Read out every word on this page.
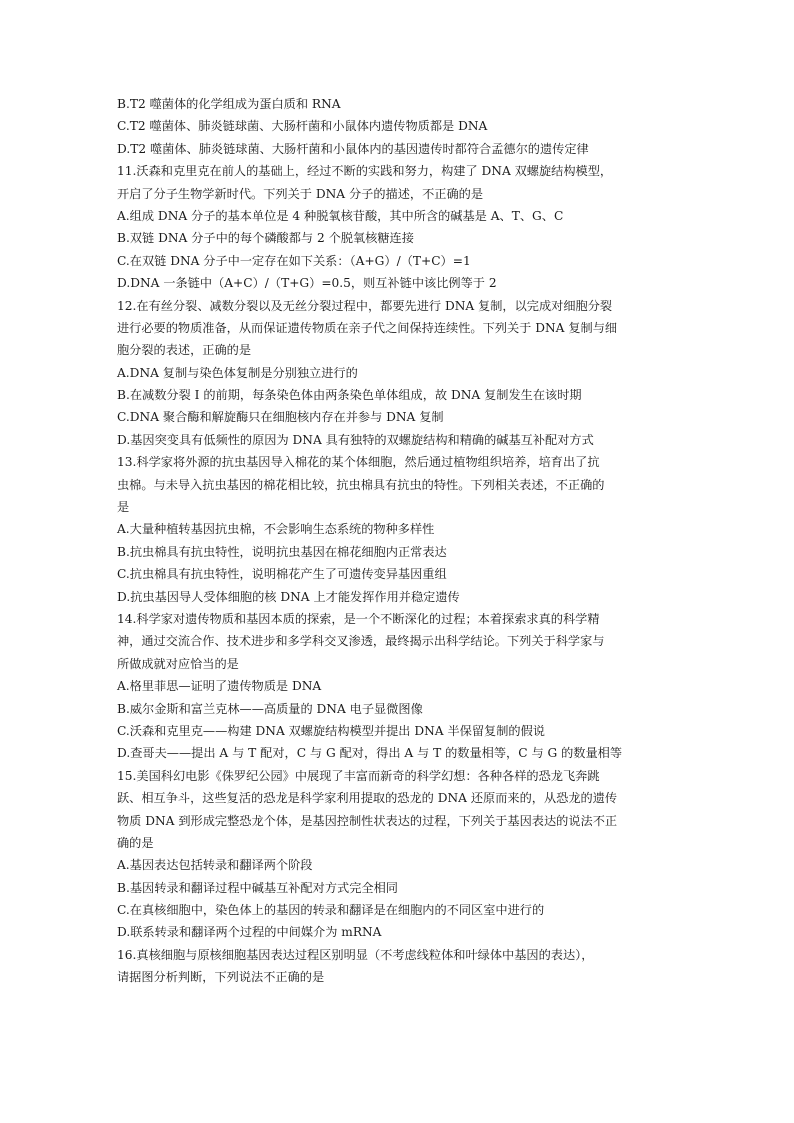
B.T2 噬菌体的化学组成为蛋白质和 RNA
C.T2 噬菌体、肺炎链球菌、大肠杆菌和小鼠体内遗传物质都是 DNA
D.T2 噬菌体、肺炎链球菌、大肠杆菌和小鼠体内的基因遗传时都符合孟德尔的遗传定律
11.沃森和克里克在前人的基础上，经过不断的实践和努力，构建了 DNA 双螺旋结构模型，
开启了分子生物学新时代。下列关于 DNA 分子的描述，不正确的是
A.组成 DNA 分子的基本单位是 4 种脱氧核苷酸，其中所含的碱基是 A、T、G、C
B.双链 DNA 分子中的每个磷酸都与 2 个脱氧核糖连接
C.在双链 DNA 分子中一定存在如下关系：（A+G）/（T+C）=1
D.DNA 一条链中（A+C）/（T+G）=0.5，则互补链中该比例等于 2
12.在有丝分裂、减数分裂以及无丝分裂过程中，都要先进行 DNA 复制，以完成对细胞分裂
进行必要的物质准备，从而保证遗传物质在亲子代之间保持连续性。下列关于 DNA 复制与细
胞分裂的表述，正确的是
A.DNA 复制与染色体复制是分别独立进行的
B.在减数分裂 I 的前期，每条染色体由两条染色单体组成，故 DNA 复制发生在该时期
C.DNA 聚合酶和解旋酶只在细胞核内存在并参与 DNA 复制
D.基因突变具有低频性的原因为 DNA 具有独特的双螺旋结构和精确的碱基互补配对方式
13.科学家将外源的抗虫基因导入棉花的某个体细胞，然后通过植物组织培养，培育出了抗
虫棉。与未导入抗虫基因的棉花相比较，抗虫棉具有抗虫的特性。下列相关表述，不正确的
是
A.大量种植转基因抗虫棉，不会影响生态系统的物种多样性
B.抗虫棉具有抗虫特性，说明抗虫基因在棉花细胞内正常表达
C.抗虫棉具有抗虫特性，说明棉花产生了可遗传变异基因重组
D.抗虫基因导人受体细胞的核 DNA 上才能发挥作用并稳定遗传
14.科学家对遗传物质和基因本质的探索，是一个不断深化的过程；本着探索求真的科学精
神，通过交流合作、技术进步和多学科交叉渗透，最终揭示出科学结论。下列关于科学家与
所做成就对应恰当的是
A.格里菲思—证明了遗传物质是 DNA
B.威尔金斯和富兰克林——高质量的 DNA 电子显微图像
C.沃森和克里克——构建 DNA 双螺旋结构模型并提出 DNA 半保留复制的假说
D.查哥夫——提出 A 与 T 配对，C 与 G 配对，得出 A 与 T 的数量相等，C 与 G 的数量相等
15.美国科幻电影《侏罗纪公园》中展现了丰富而新奇的科学幻想：各种各样的恐龙飞奔跳
跃、相互争斗，这些复活的恐龙是科学家利用提取的恐龙的 DNA 还原而来的，从恐龙的遗传
物质 DNA 到形成完整恐龙个体，是基因控制性状表达的过程，下列关于基因表达的说法不正
确的是
A.基因表达包括转录和翻译两个阶段
B.基因转录和翻译过程中碱基互补配对方式完全相同
C.在真核细胞中，染色体上的基因的转录和翻译是在细胞内的不同区室中进行的
D.联系转录和翻译两个过程的中间媒介为 mRNA
16.真核细胞与原核细胞基因表达过程区别明显（不考虑线粒体和叶绿体中基因的表达），
请据图分析判断，下列说法不正确的是
